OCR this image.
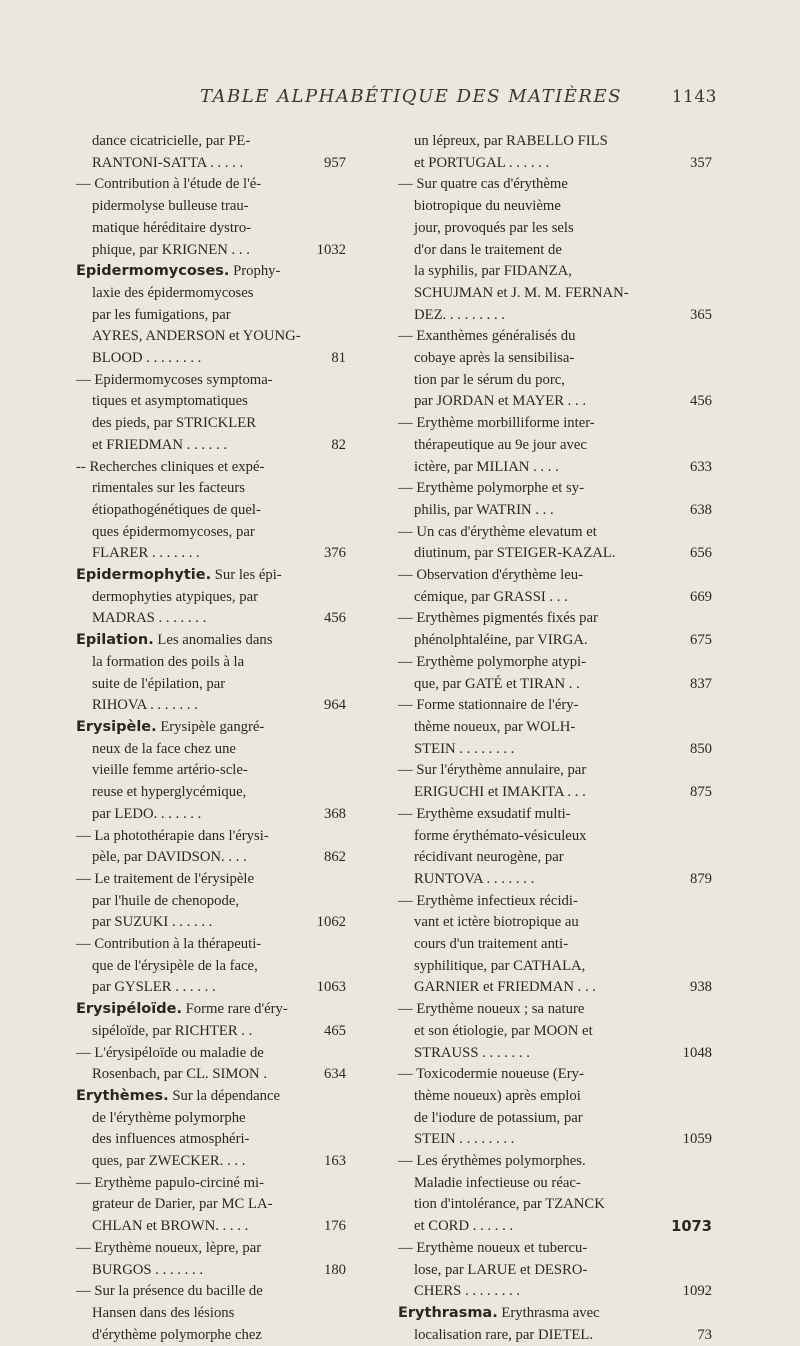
TABLE ALPHABÉTIQUE DES MATIÈRES	1143
dance cicatricielle, par PE-
RANTONI-SATTA . . . . .	957
— Contribution à l'étude de l'é-
pidermolyse bulleuse trau-
matique héréditaire dystro-
phique, par KRIGNEN . . .	1032
Epidermomycoses. Prophy-
laxie des épidermomycoses
par les fumigations, par
AYRES, ANDERSON et YOUNG-
BLOOD . . . . . . . .	81
— Epidermomycoses symptoma-
tiques et asymptomatiques
des pieds, par STRICKLER
et FRIEDMAN . . . . . .	82
-- Recherches cliniques et expé-
rimentales sur les facteurs
étiopathogénétiques de quel-
ques épidermomycoses, par
FLARER . . . . . . .	376
Epidermophytie. Sur les épi-
dermophyties atypiques, par
MADRAS . . . . . . .	456
Epilation. Les anomalies dans
la formation des poils à la
suite de l'épilation, par
RIHOVA . . . . . . .	964
Erysipèle. Erysipèle gangré-
neux de la face chez une
vieille femme artério-scle-
reuse et hyperglycémique,
par LEDO. . . . . . .	368
— La photothérapie dans l'érysi-
pèle, par DAVIDSON. . . .	862
— Le traitement de l'érysipèle
par l'huile de chenopode,
par SUZUKI . . . . . .	1062
— Contribution à la thérapeuti-
que de l'érysipèle de la face,
par GYSLER . . . . . .	1063
Erysipéloïde. Forme rare d'éry-
sipéloïde, par RICHTER . .	465
— L'érysipéloïde ou maladie de
Rosenbach, par CL. SIMON .	634
Erythèmes. Sur la dépendance
de l'érythème polymorphe
des influences atmosphéri-
ques, par ZWECKER. . . .	163
— Erythème papulo-circiné mi-
grateur de Darier, par MC LA-
CHLAN et BROWN. . . . .	176
— Erythème noueux, lèpre, par
BURGOS . . . . . . .	180
— Sur la présence du bacille de
Hansen dans des lésions
d'érythème polymorphe chez
un lépreux, par RABELLO FILS
et PORTUGAL . . . . . .	357
— Sur quatre cas d'érythème
biotropique du neuvième
jour, provoqués par les sels
d'or dans le traitement de
la syphilis, par FIDANZA,
SCHUJMAN et J. M. M. FERNAN-
DEZ. . . . . . . . .	365
— Exanthèmes généralisés du
cobaye après la sensibilisa-
tion par le sérum du porc,
par JORDAN et MAYER . . .	456
— Erythème morbilliforme inter-
thérapeutique au 9e jour avec
ictère, par MILIAN . . . .	633
— Erythème polymorphe et sy-
philis, par WATRIN . . .	638
— Un cas d'érythème elevatum et
diutinum, par STEIGER-KAZAL.	656
— Observation d'érythème leu-
cémique, par GRASSI . . .	669
— Erythèmes pigmentés fixés par
phénolphtaléine, par VIRGA.	675
— Erythème polymorphe atypi-
que, par GATÉ et TIRAN . .	837
— Forme stationnaire de l'éry-
thème noueux, par WOLH-
STEIN . . . . . . . .	850
— Sur l'érythème annulaire, par
ERIGUCHI et IMAKITA . . .	875
— Erythème exsudatif multi-
forme érythémato-vésiculeux
récidivant neurogène, par
RUNTOVA . . . . . . .	879
— Erythème infectieux récidi-
vant et ictère biotropique au
cours d'un traitement anti-
syphilitique, par CATHALA,
GARNIER et FRIEDMAN . . .	938
— Erythème noueux ; sa nature
et son étiologie, par MOON et
STRAUSS . . . . . . .	1048
— Toxicodermie noueuse (Ery-
thème noueux) après emploi
de l'iodure de potassium, par
STEIN . . . . . . . .	1059
— Les érythèmes polymorphes.
Maladie infectieuse ou réac-
tion d'intolérance, par TZANCK
et CORD . . . . . .	1073
— Erythème noueux et tubercu-
lose, par LARUE et DESRO-
CHERS . . . . . . . .	1092
Erythrasma. Erythrasma avec
localisation rare, par DIETEL.	73
